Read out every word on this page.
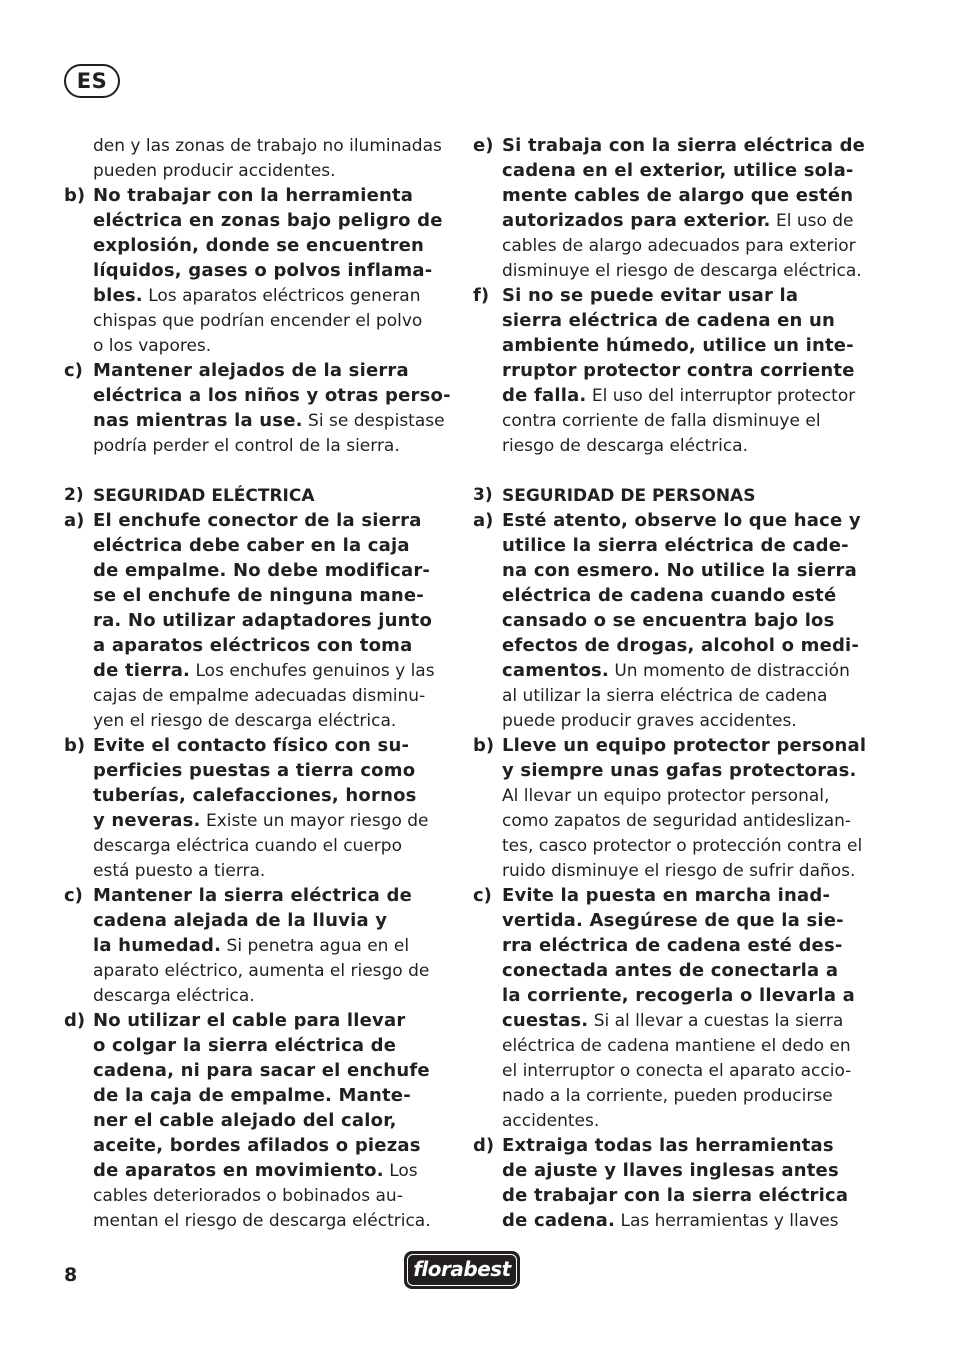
ES
den y las zonas de trabajo no iluminadas
pueden producir accidentes.
b) No trabajar con la herramienta
eléctrica en zonas bajo peligro de
explosión, donde se encuentren
líquidos, gases o polvos inflama-
bles. Los aparatos eléctricos generan
chispas que podrían encender el polvo
o los vapores.
c) Mantener alejados de la sierra
eléctrica a los niños y otras perso-
nas mientras la use. Si se despistase
podría perder el control de la sierra.
2) SEGURIDAD ELÉCTRICA
a) El enchufe conector de la sierra
eléctrica debe caber en la caja
de empalme. No debe modificar-
se el enchufe de ninguna mane-
ra. No utilizar adaptadores junto
a aparatos eléctricos con toma
de tierra. Los enchufes genuinos y las
cajas de empalme adecuadas disminu-
yen el riesgo de descarga eléctrica.
b) Evite el contacto físico con su-
perficies puestas a tierra como
tuberías, calefacciones, hornos
y neveras. Existe un mayor riesgo de
descarga eléctrica cuando el cuerpo
está puesto a tierra.
c) Mantener la sierra eléctrica de
cadena alejada de la lluvia y
la humedad. Si penetra agua en el
aparato eléctrico, aumenta el riesgo de
descarga eléctrica.
d) No utilizar el cable para llevar
o colgar la sierra eléctrica de
cadena, ni para sacar el enchufe
de la caja de empalme. Mante-
ner el cable alejado del calor,
aceite, bordes afilados o piezas
de aparatos en movimiento. Los
cables deteriorados o bobinados au-
mentan el riesgo de descarga eléctrica.
e) Si trabaja con la sierra eléctrica de
cadena en el exterior, utilice sola-
mente cables de alargo que estén
autorizados para exterior. El uso de
cables de alargo adecuados para exterior
disminuye el riesgo de descarga eléctrica.
f) Si no se puede evitar usar la
sierra eléctrica de cadena en un
ambiente húmedo, utilice un inte-
rruptor protector contra corriente
de falla. El uso del interruptor protector
contra corriente de falla disminuye el
riesgo de descarga eléctrica.
3) SEGURIDAD DE PERSONAS
a) Esté atento, observe lo que hace y
utilice la sierra eléctrica de cade-
na con esmero. No utilice la sierra
eléctrica de cadena cuando esté
cansado o se encuentra bajo los
efectos de drogas, alcohol o medi-
camentos. Un momento de distracción
al utilizar la sierra eléctrica de cadena
puede producir graves accidentes.
b) Lleve un equipo protector personal
y siempre unas gafas protectoras.
Al llevar un equipo protector personal,
como zapatos de seguridad antideslizan-
tes, casco protector o protección contra el
ruido disminuye el riesgo de sufrir daños.
c) Evite la puesta en marcha inad-
vertida. Asegúrese de que la sie-
rra eléctrica de cadena esté des-
conectada antes de conectarla a
la corriente, recogerla o llevarla a
cuestas. Si al llevar a cuestas la sierra
eléctrica de cadena mantiene el dedo en
el interruptor o conecta el aparato accio-
nado a la corriente, pueden producirse
accidentes.
d) Extraiga todas las herramientas
de ajuste y llaves inglesas antes
de trabajar con la sierra eléctrica
de cadena. Las herramientas y llaves
8	florabest
